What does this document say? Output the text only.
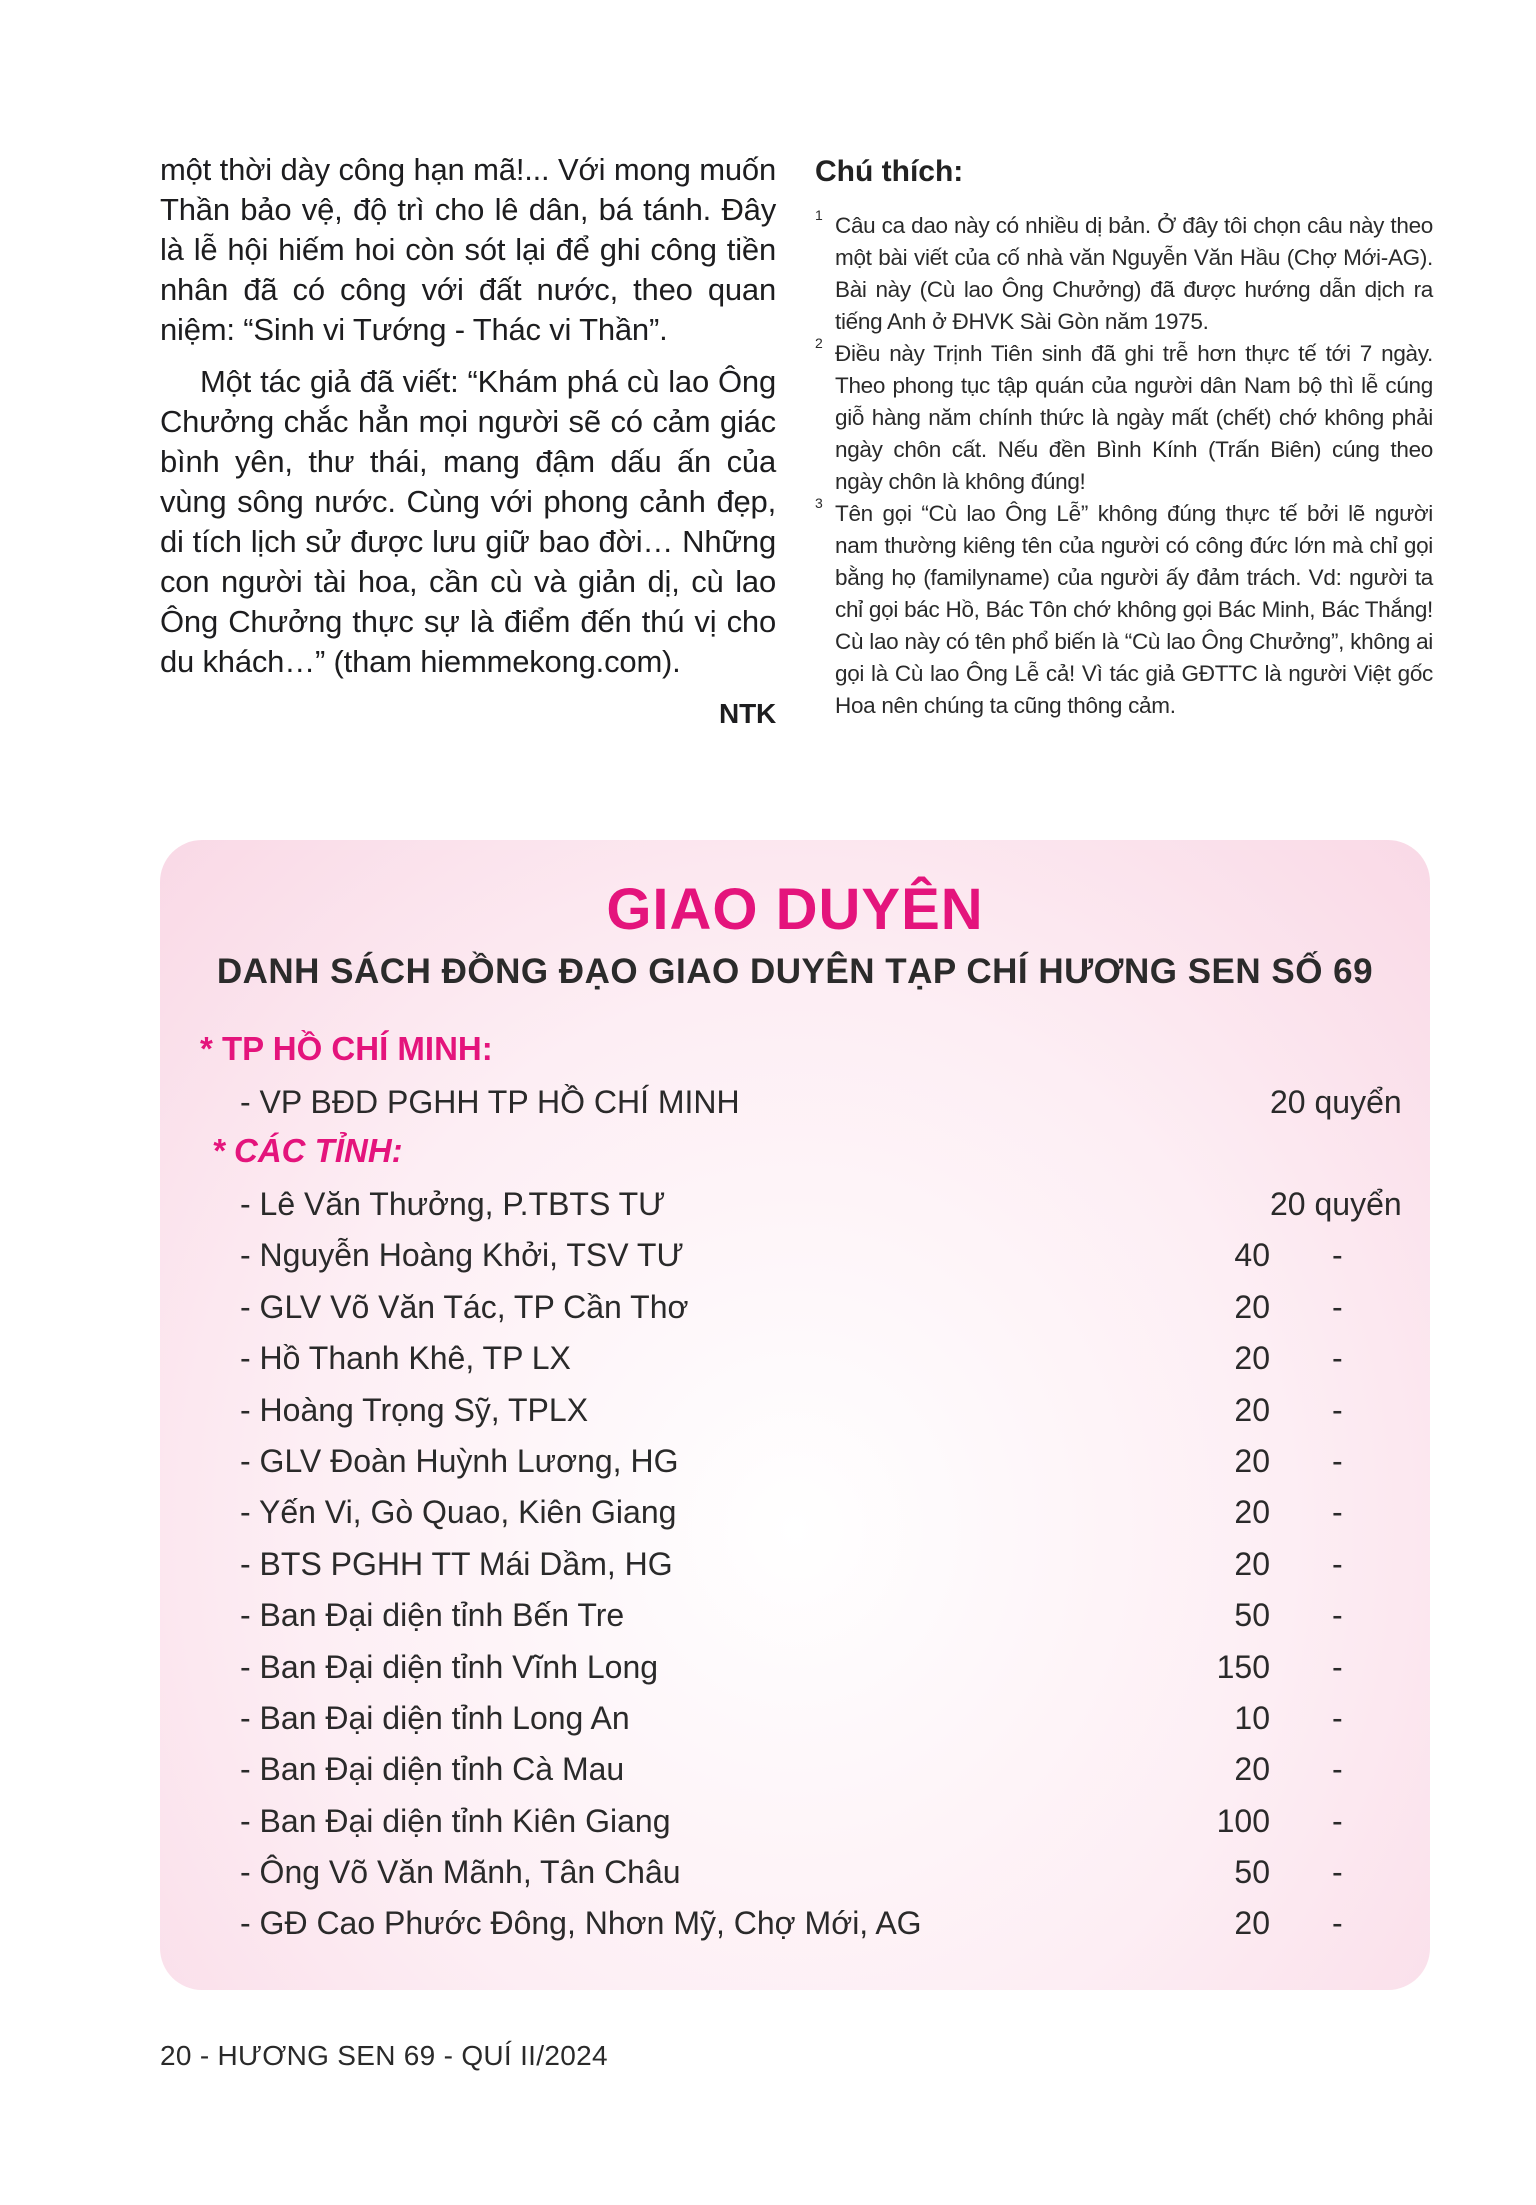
một thời dày công hạn mã!... Với mong muốn Thần bảo vệ, độ trì cho lê dân, bá tánh. Đây là lễ hội hiếm hoi còn sót lại để ghi công tiền nhân đã có công với đất nước, theo quan niệm: “Sinh vi Tướng - Thác vi Thần”.

Một tác giả đã viết: “Khám phá cù lao Ông Chưởng chắc hẳn mọi người sẽ có cảm giác bình yên, thư thái, mang đậm dấu ấn của vùng sông nước. Cùng với phong cảnh đẹp, di tích lịch sử được lưu giữ bao đời… Những con người tài hoa, cần cù và giản dị, cù lao Ông Chưởng thực sự là điểm đến thú vị cho du khách…” (tham hiemmekong.com).

NTK
Chú thích:

1 Câu ca dao này có nhiều dị bản. Ở đây tôi chọn câu này theo một bài viết của cố nhà văn Nguyễn Văn Hầu (Chợ Mới-AG). Bài này (Cù lao Ông Chưởng) đã được hướng dẫn dịch ra tiếng Anh ở ĐHVK Sài Gòn năm 1975.

2 Điều này Trịnh Tiên sinh đã ghi trễ hơn thực tế tới 7 ngày. Theo phong tục tập quán của người dân Nam bộ thì lễ cúng giỗ hàng năm chính thức là ngày mất (chết) chớ không phải ngày chôn cất. Nếu đền Bình Kính (Trấn Biên) cúng theo ngày chôn là không đúng!

3 Tên gọi “Cù lao Ông Lễ” không đúng thực tế bởi lẽ người nam thường kiêng tên của người có công đức lớn mà chỉ gọi bằng họ (familyname) của người ấy đảm trách. Vd: người ta chỉ gọi bác Hồ, Bác Tôn chớ không gọi Bác Minh, Bác Thắng! Cù lao này có tên phổ biến là “Cù lao Ông Chưởng”, không ai gọi là Cù lao Ông Lễ cả! Vì tác giả GĐTTC là người Việt gốc Hoa nên chúng ta cũng thông cảm.

GIAO DUYÊN
DANH SÁCH ĐỒNG ĐẠO GIAO DUYÊN TẠP CHÍ HƯƠNG SEN SỐ 69
* TP HỒ CHÍ MINH:
- VP BĐD PGHH TP HỒ CHÍ MINH	20 quyển
* CÁC TỈNH:
- Lê Văn Thưởng, P.TBTS TƯ	20 quyển
- Nguyễn Hoàng Khởi, TSV TƯ	40 -
- GLV Võ Văn Tác, TP Cần Thơ	20 -
- Hồ Thanh Khê, TP LX	20 -
- Hoàng Trọng Sỹ, TPLX	20 -
- GLV Đoàn Huỳnh Lương, HG	20 -
- Yến Vi, Gò Quao, Kiên Giang	20 -
- BTS PGHH TT Mái Dầm, HG	20 -
- Ban Đại diện tỉnh Bến Tre	50 -
- Ban Đại diện tỉnh Vĩnh Long	150 -
- Ban Đại diện tỉnh Long An	10 -
- Ban Đại diện tỉnh Cà Mau	20 -
- Ban Đại diện tỉnh Kiên Giang	100 -
- Ông Võ Văn Mãnh, Tân Châu	50 -
- GĐ Cao Phước Đông, Nhơn Mỹ, Chợ Mới, AG	20 -
20 - HƯƠNG SEN 69 - QUÍ II/2024
